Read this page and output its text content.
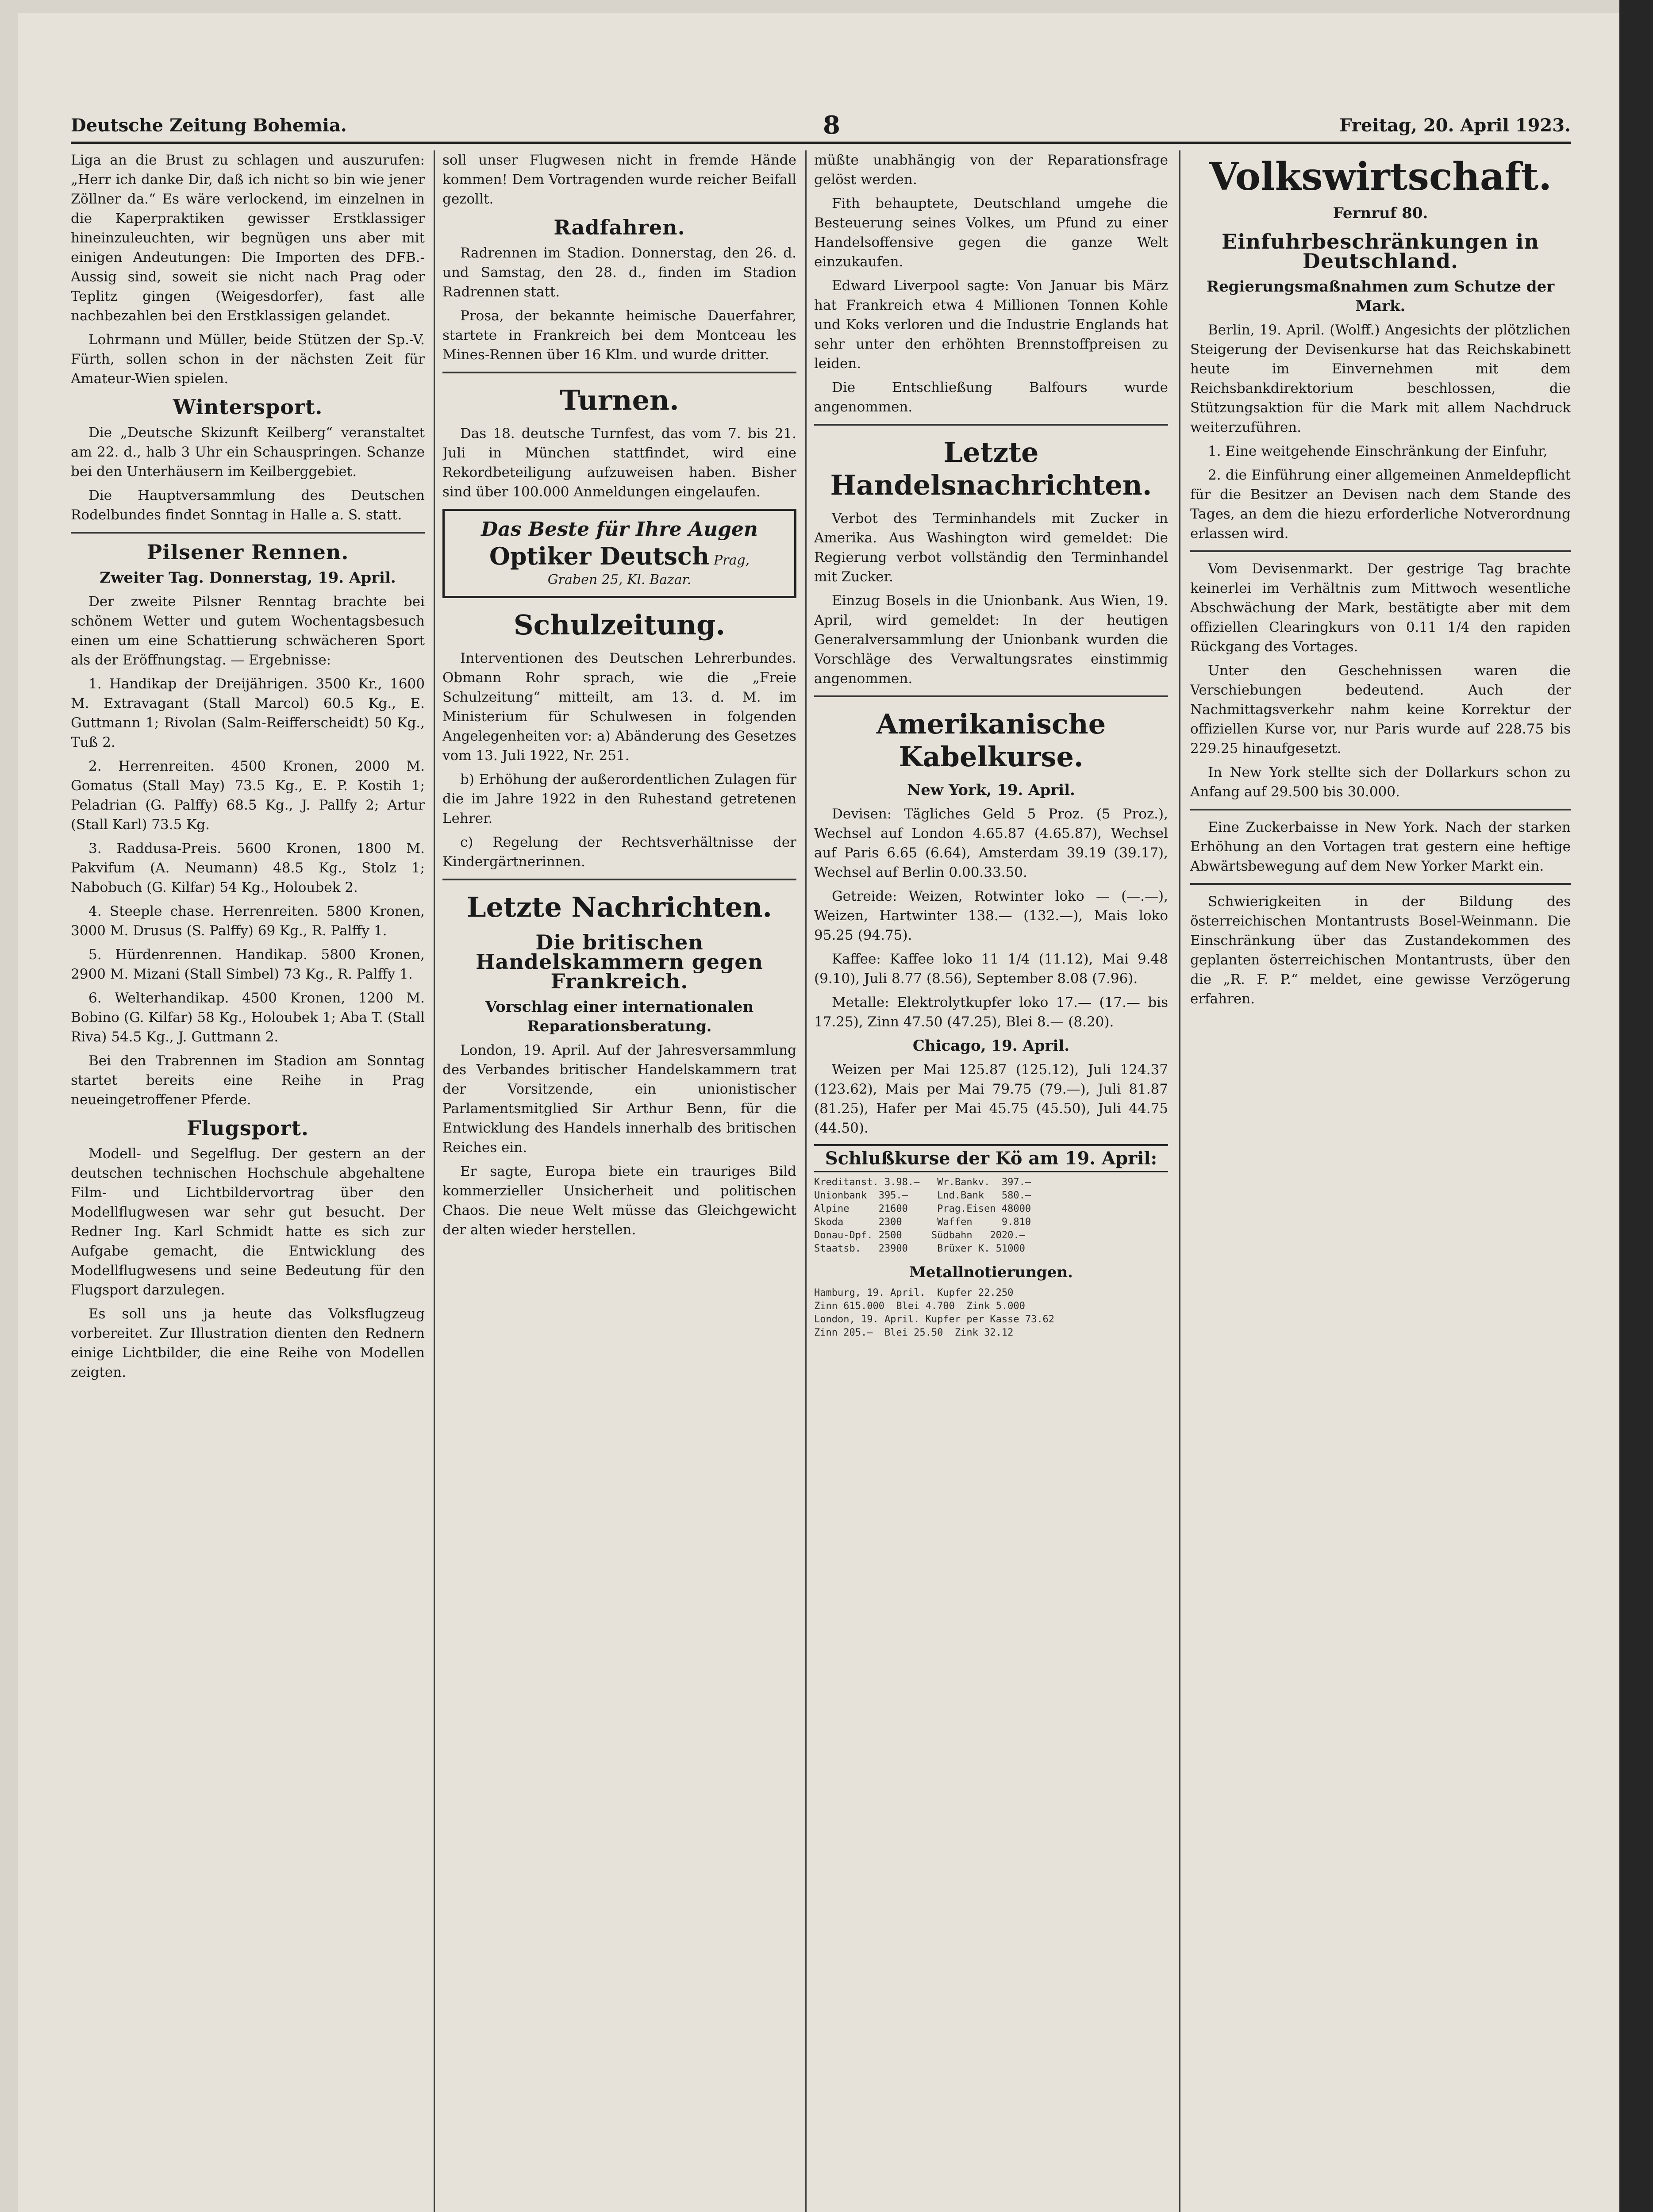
Deutsche Zeitung Bohemia.	8	Freitag, 20. April 1923.

Liga an die Brust zu schlagen und auszurufen: „Herr ich danke Dir, daß ich nicht so bin wie jener Zöllner da.“ Es wäre verlockend, im einzelnen in die Kaperpraktiken gewisser Erstklassiger hineinzuleuchten, wir begnügen uns aber mit einigen Andeutungen: Die Importen des DFB.-Aussig sind, soweit sie nicht nach Prag oder Teplitz gingen (Weigesdorfer), fast alle nachbezahlen bei den Erstklassigen gelandet.

Lohrmann und Müller, beide Stützen der Sp.-V. Fürth, sollen schon in der nächsten Zeit für Amateur-Wien spielen.

Wintersport.

Die „Deutsche Skizunft Keilberg“ veranstaltet am 22. d., halb 3 Uhr ein Schauspringen. Schanze bei den Unterhäusern im Keilberggebiet.

Die Hauptversammlung des Deutschen Rodelbundes findet Sonntag in Halle a. S. statt.

Pilsener Rennen.
Zweiter Tag. Donnerstag, 19. April.

Der zweite Pilsner Renntag brachte bei schönem Wetter und gutem Wochentagsbesuch einen um eine Schattierung schwächeren Sport als der Eröffnungstag. — Ergebnisse:

1. Handikap der Dreijährigen. 3500 Kr., 1600 M. Extravagant (Stall Marcol) 60.5 Kg., E. Guttmann 1; Rivolan (Salm-Reifferscheidt) 50 Kg., Tuß 2.

2. Herrenreiten. 4500 Kronen, 2000 M. Gomatus (Stall May) 73.5 Kg., E. P. Kostih 1; Peladrian (G. Palffy) 68.5 Kg., J. Pallfy 2; Artur (Stall Karl) 73.5 Kg.

3. Raddusa-Preis. 5600 Kronen, 1800 M. Pakvifum (A. Neumann) 48.5 Kg., Stolz 1; Nabobuch (G. Kilfar) 54 Kg., Holoubek 2.

4. Steeple chase. Herrenreiten. 5800 Kronen, 3000 M. Drusus (S. Palffy) 69 Kg., R. Palffy 1.

5. Hürdenrennen. Handikap. 5800 Kronen, 2900 M. Mizani (Stall Simbel) 73 Kg., R. Palffy 1.

6. Welterhandikap. 4500 Kronen, 1200 M. Bobino (G. Kilfar) 58 Kg., Holoubek 1; Aba T. (Stall Riva) 54.5 Kg., J. Guttmann 2.

Bei den Trabrennen im Stadion am Sonntag startet bereits eine Reihe in Prag neueingetroffener Pferde.

Flugsport.

Modell- und Segelflug. Der gestern an der deutschen technischen Hochschule abgehaltene Film- und Lichtbildervortrag über den Modellflugwesen war sehr gut besucht. Der Redner Ing. Karl Schmidt hatte es sich zur Aufgabe gemacht, die Entwicklung des Modellflugwesens und seine Bedeutung für den Flugsport darzulegen.

Es soll uns ja heute das Volksflugzeug vorbereitet. Zur Illustration dienten den Rednern einige Lichtbilder, die eine Reihe von Modellen zeigten.

soll unser Flugwesen nicht in fremde Hände kommen! Dem Vortragenden wurde reicher Beifall gezollt.

Radfahren.

Radrennen im Stadion. Donnerstag, den 26. d. und Samstag, den 28. d., finden im Stadion Radrennen statt.

Prosa, der bekannte heimische Dauerfahrer, startete in Frankreich bei dem Montceau les Mines-Rennen über 16 Klm. und wurde dritter.

Turnen.

Das 18. deutsche Turnfest, das vom 7. bis 21. Juli in München stattfindet, wird eine Rekordbeteiligung aufzuweisen haben. Bisher sind über 100.000 Anmeldungen eingelaufen.

Das Beste für Ihre Augen
Optiker Deutsch Prag,
Graben 25, Kl. Bazar.
Schulzeitung.

Interventionen des Deutschen Lehrerbundes. Obmann Rohr sprach, wie die „Freie Schulzeitung“ mitteilt, am 13. d. M. im Ministerium für Schulwesen in folgenden Angelegenheiten vor: a) Abänderung des Gesetzes vom 13. Juli 1922, Nr. 251.

b) Erhöhung der außerordentlichen Zulagen für die im Jahre 1922 in den Ruhestand getretenen Lehrer.

c) Regelung der Rechtsverhältnisse der Kindergärtnerinnen.

Letzte Nachrichten.
Die britischen Handelskammern gegen Frankreich.
Vorschlag einer internationalen Reparationsberatung.

London, 19. April. Auf der Jahresversammlung des Verbandes britischer Handelskammern trat der Vorsitzende, ein unionistischer Parlamentsmitglied Sir Arthur Benn, für die Entwicklung des Handels innerhalb des britischen Reiches ein.

Er sagte, Europa biete ein trauriges Bild kommerzieller Unsicherheit und politischen Chaos. Die neue Welt müsse das Gleichgewicht der alten wieder herstellen.

müßte unabhängig von der Reparationsfrage gelöst werden.

Fith behauptete, Deutschland umgehe die Besteuerung seines Volkes, um Pfund zu einer Handelsoffensive gegen die ganze Welt einzukaufen.

Edward Liverpool sagte: Von Januar bis März hat Frankreich etwa 4 Millionen Tonnen Kohle und Koks verloren und die Industrie Englands hat sehr unter den erhöhten Brennstoffpreisen zu leiden.

Die Entschließung Balfours wurde angenommen.

Letzte Handelsnachrichten.

Verbot des Terminhandels mit Zucker in Amerika. Aus Washington wird gemeldet: Die Regierung verbot vollständig den Terminhandel mit Zucker.

Einzug Bosels in die Unionbank. Aus Wien, 19. April, wird gemeldet: In der heutigen Generalversammlung der Unionbank wurden die Vorschläge des Verwaltungsrates einstimmig angenommen.

Amerikanische Kabelkurse.
New York, 19. April.

Devisen: Tägliches Geld 5 Proz. (5 Proz.), Wechsel auf London 4.65.87 (4.65.87), Wechsel auf Paris 6.65 (6.64), Amsterdam 39.19 (39.17), Wechsel auf Berlin 0.00.33.50.

Getreide: Weizen, Rotwinter loko — (—.—), Weizen, Hartwinter 138.— (132.—), Mais loko 95.25 (94.75).

Kaffee: Kaffee loko 11 1/4 (11.12), Mai 9.48 (9.10), Juli 8.77 (8.56), September 8.08 (7.96).

Metalle: Elektrolytkupfer loko 17.— (17.— bis 17.25), Zinn 47.50 (47.25), Blei 8.— (8.20).

Chicago, 19. April.

Weizen per Mai 125.87 (125.12), Juli 124.37 (123.62), Mais per Mai 79.75 (79.—), Juli 81.87 (81.25), Hafer per Mai 45.75 (45.50), Juli 44.75 (44.50).

Schlußkurse der Kö am 19. April:
Kreditanst. 3.98.—   Wr.Bankv.  397.—
Unionbank  395.—     Lnd.Bank   580.—
Alpine     21600     Prag.Eisen 48000
Skoda      2300      Waffen     9.810
Donau-Dpf. 2500     Südbahn   2020.—
Staatsb.   23900     Brüxer K. 51000
Metallnotierungen.
Hamburg, 19. April.  Kupfer 22.250
Zinn 615.000  Blei 4.700  Zink 5.000
London, 19. April. Kupfer per Kasse 73.62
Zinn 205.—  Blei 25.50  Zink 32.12
Volkswirtschaft.
Fernruf 80.
Einfuhrbeschränkungen in Deutschland.
Regierungsmaßnahmen zum Schutze der Mark.

Berlin, 19. April. (Wolff.) Angesichts der plötzlichen Steigerung der Devisenkurse hat das Reichskabinett heute im Einvernehmen mit dem Reichsbankdirektorium beschlossen, die Stützungsaktion für die Mark mit allem Nachdruck weiterzuführen.

1. Eine weitgehende Einschränkung der Einfuhr,

2. die Einführung einer allgemeinen Anmeldepflicht für die Besitzer an Devisen nach dem Stande des Tages, an dem die hiezu erforderliche Notverordnung erlassen wird.

Vom Devisenmarkt. Der gestrige Tag brachte keinerlei im Verhältnis zum Mittwoch wesentliche Abschwächung der Mark, bestätigte aber mit dem offiziellen Clearingkurs von 0.11 1/4 den rapiden Rückgang des Vortages.

Unter den Geschehnissen waren die Verschiebungen bedeutend. Auch der Nachmittagsverkehr nahm keine Korrektur der offiziellen Kurse vor, nur Paris wurde auf 228.75 bis 229.25 hinaufgesetzt.

In New York stellte sich der Dollarkurs schon zu Anfang auf 29.500 bis 30.000.

Eine Zuckerbaisse in New York. Nach der starken Erhöhung an den Vortagen trat gestern eine heftige Abwärtsbewegung auf dem New Yorker Markt ein.

Schwierigkeiten in der Bildung des österreichischen Montantrusts Bosel-Weinmann. Die Einschränkung über das Zustandekommen des geplanten österreichischen Montantrusts, über den die „R. F. P.“ meldet, eine gewisse Verzögerung erfahren.
